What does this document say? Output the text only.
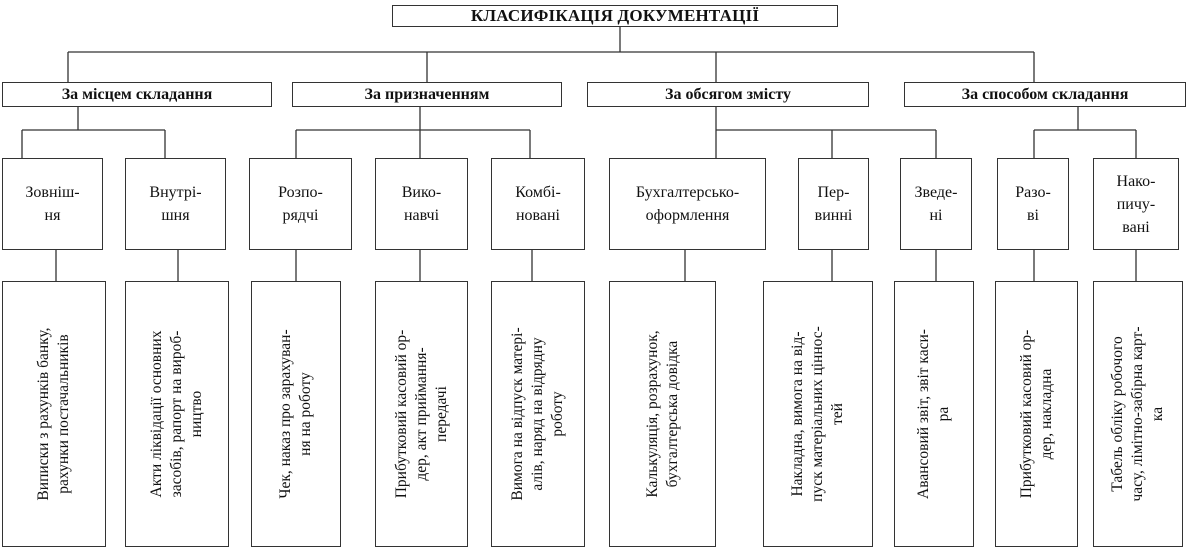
КЛАСИФІКАЦІЯ ДОКУМЕНТАЦІЇ
За місцем складання	За призначенням	За обсягом змісту	За способом складання
Зовніш-
ня
Внутрі-
шня
Розпо-
рядчі
Вико-
навчі
Комбі-
новані
Бухгалтерсько-
оформлення
Пер-
винні
Зведе-
ні
Разо-
ві
Нако-
пичу-
вані
Виписки з рахунків банку,
рахунки постачальників
Акти ліквідації основних
засобів, рапорт на вироб-
ництво
Чек, наказ про зарахуван-
ня на роботу
Прибутковий касовий ор-
дер, акт приймання-
передачі
Вимога на відпуск матері-
алів, наряд на відрядну
роботу	Калькуляція, розрахунок,
бухгалтерська довідка
Накладна, вимога на від-
пуск матеріальних ціннос-
тей
Авансовий звіт, звіт каси-
ра	Прибутковий касовий ор-
дер, накладна
Табель обліку робочого
часу, лімітно-забірна карт-
ка
